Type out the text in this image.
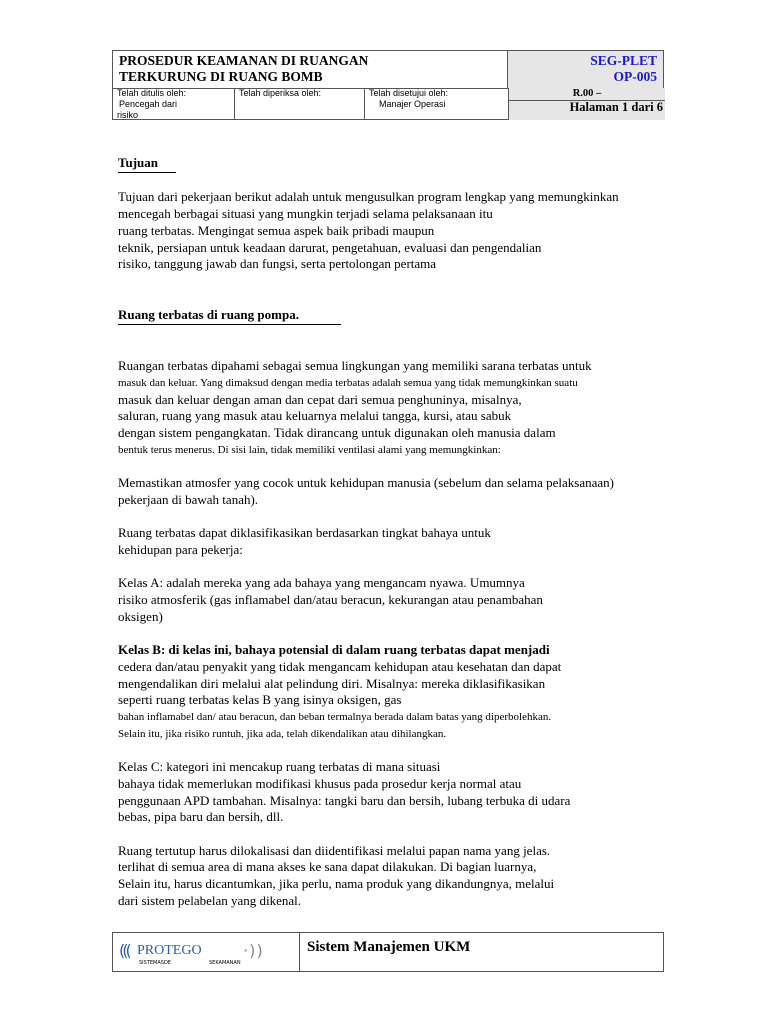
PROSEDUR KEAMANAN DI RUANGAN
TERKURUNG DI RUANG BOMB
SEG-PLET
OP-005
Telah ditulis oleh:
Pencegah dari
risiko
Telah diperiksa oleh:	Telah disetujui oleh:
Manajer Operasi
R.00 –
Halaman 1 dari 6

Tujuan

Tujuan dari pekerjaan berikut adalah untuk mengusulkan program lengkap yang memungkinkan

mencegah berbagai situasi yang mungkin terjadi selama pelaksanaan itu

ruang terbatas. Mengingat semua aspek baik pribadi maupun

teknik, persiapan untuk keadaan darurat, pengetahuan, evaluasi dan pengendalian

risiko, tanggung jawab dan fungsi, serta pertolongan pertama

Ruang terbatas di ruang pompa.

Ruangan terbatas dipahami sebagai semua lingkungan yang memiliki sarana terbatas untuk

masuk dan keluar. Yang dimaksud dengan media terbatas adalah semua yang tidak memungkinkan suatu

masuk dan keluar dengan aman dan cepat dari semua penghuninya, misalnya,

saluran, ruang yang masuk atau keluarnya melalui tangga, kursi, atau sabuk

dengan sistem pengangkatan. Tidak dirancang untuk digunakan oleh manusia dalam

bentuk terus menerus. Di sisi lain, tidak memiliki ventilasi alami yang memungkinkan:

Memastikan atmosfer yang cocok untuk kehidupan manusia (sebelum dan selama pelaksanaan)

pekerjaan di bawah tanah).

Ruang terbatas dapat diklasifikasikan berdasarkan tingkat bahaya untuk

kehidupan para pekerja:

Kelas A: adalah mereka yang ada bahaya yang mengancam nyawa. Umumnya

risiko atmosferik (gas inflamabel dan/atau beracun, kekurangan atau penambahan

oksigen)

Kelas B: di kelas ini, bahaya potensial di dalam ruang terbatas dapat menjadi

cedera dan/atau penyakit yang tidak mengancam kehidupan atau kesehatan dan dapat

mengendalikan diri melalui alat pelindung diri. Misalnya: mereka diklasifikasikan

seperti ruang terbatas kelas B yang isinya oksigen, gas

bahan inflamabel dan/ atau beracun, dan beban termalnya berada dalam batas yang diperbolehkan.

Selain itu, jika risiko runtuh, jika ada, telah dikendalikan atau dihilangkan.

Kelas C: kategori ini mencakup ruang terbatas di mana situasi

bahaya tidak memerlukan modifikasi khusus pada prosedur kerja normal atau

penggunaan APD tambahan. Misalnya: tangki baru dan bersih, lubang terbuka di udara

bebas, pipa baru dan bersih, dll.

Ruang tertutup harus dilokalisasi dan diidentifikasi melalui papan nama yang jelas.

terlihat di semua area di mana akses ke sana dapat dilakukan. Di bagian luarnya,

Selain itu, harus dicantumkan, jika perlu, nama produk yang dikandungnya, melalui

dari sistem pelabelan yang dikenal.

((( PROTEGO
SISTEMASDE	SEKAMANAN
· ) )	Sistem Manajemen UKM
